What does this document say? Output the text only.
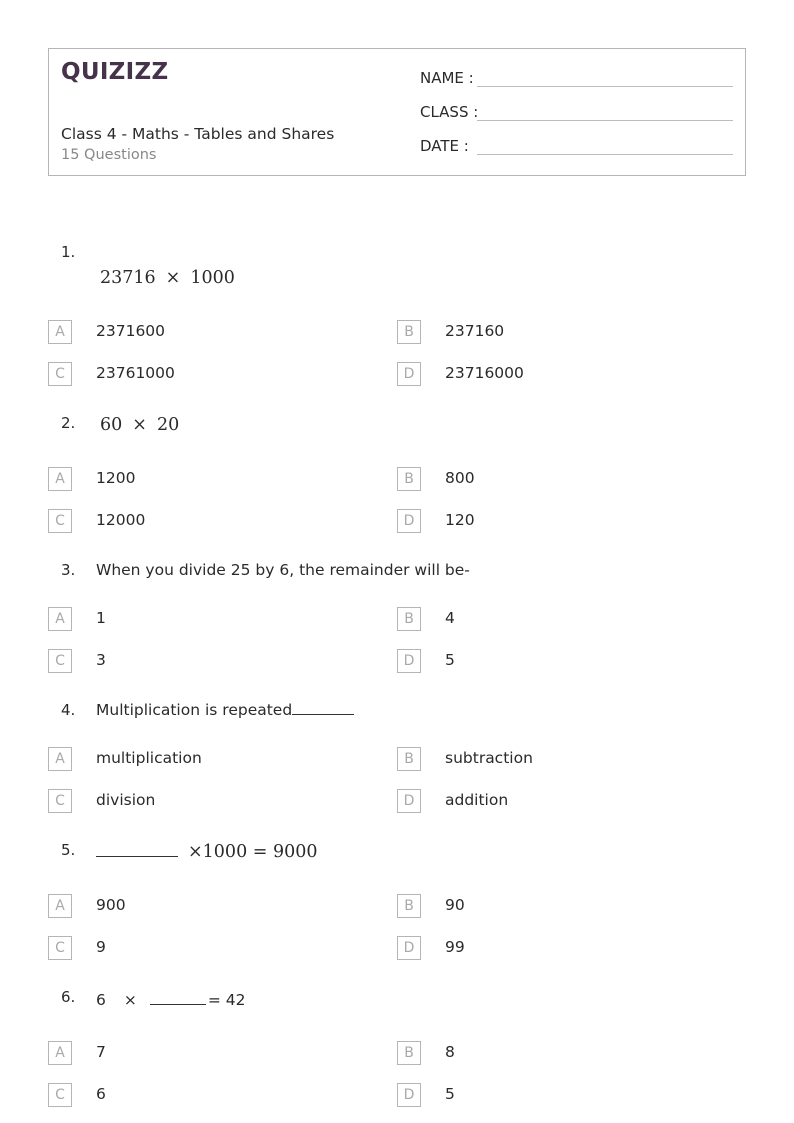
QUIZIZZ
Class 4 - Maths - Tables and Shares
15 Questions
NAME :
CLASS :
DATE :
1.
23716 × 1000
A	2371600	B	237160
C	23761000	D	23716000
2. 60 × 20
A	1200	B	800
C	12000	D	120
3. When you divide 25 by 6, the remainder will be-
A	1	B	4
C	3	D	5
4. Multiplication is repeated
A	multiplication	B	subtraction
C	division	D	addition
5.	×1000 = 9000
A	900	B	90
C	9	D	99
6. 6 ×	= 42
A	7	B	8
C	6	D	5
